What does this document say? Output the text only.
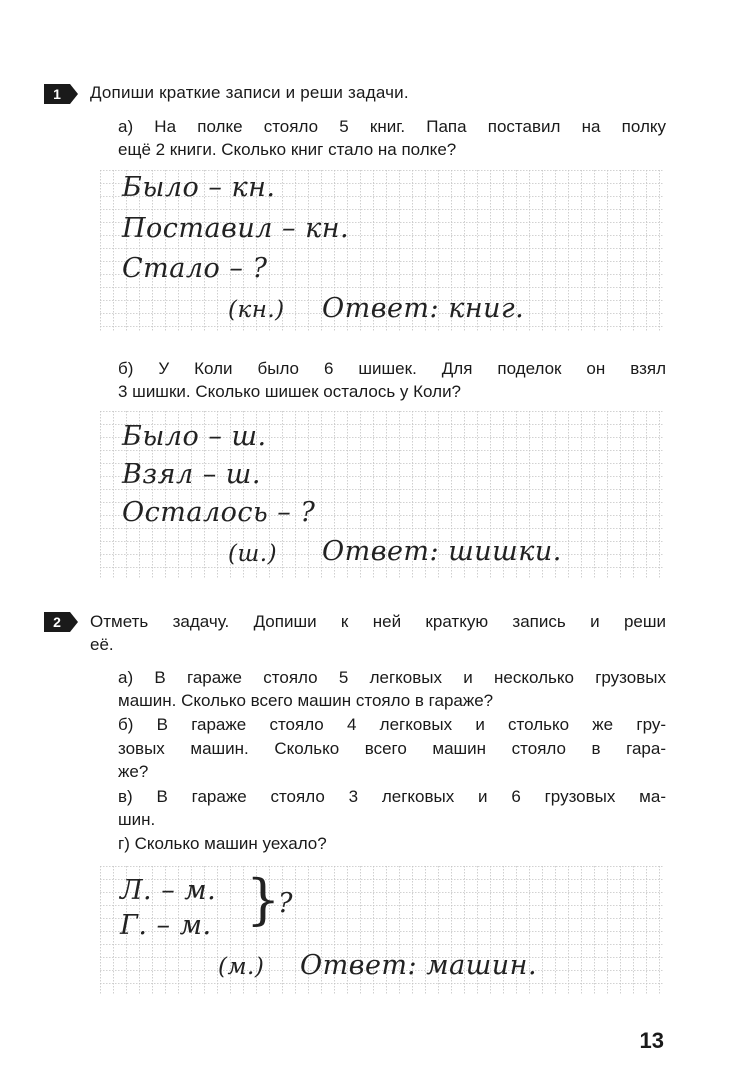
1 Допиши краткие записи и реши задачи.
а) На полке стояло 5 книг. Папа поставил на полку
ещё 2 книги. Сколько книг стало на полке?
Было – кн.
Поставил – кн.
Стало – ?
(кн.) Ответ: книг.
б) У Коли было 6 шишек. Для поделок он взял
3 шишки. Сколько шишек осталось у Коли?
Было – ш.
Взял – ш.
Осталось – ?
(ш.) Ответ: шишки.
2 Отметь задачу. Допиши к ней краткую запись и реши
её.
а) В гараже стояло 5 легковых и несколько грузовых
машин. Сколько всего машин стояло в гараже?
б) В гараже стояло 4 легковых и столько же гру-
зовых машин. Сколько всего машин стояло в гара-
же?
в) В гараже стояло 3 легковых и 6 грузовых ма-
шин.
г) Сколько машин уехало?
Л. – м.
Г. – м. }
?
(м.) Ответ: машин.
13
